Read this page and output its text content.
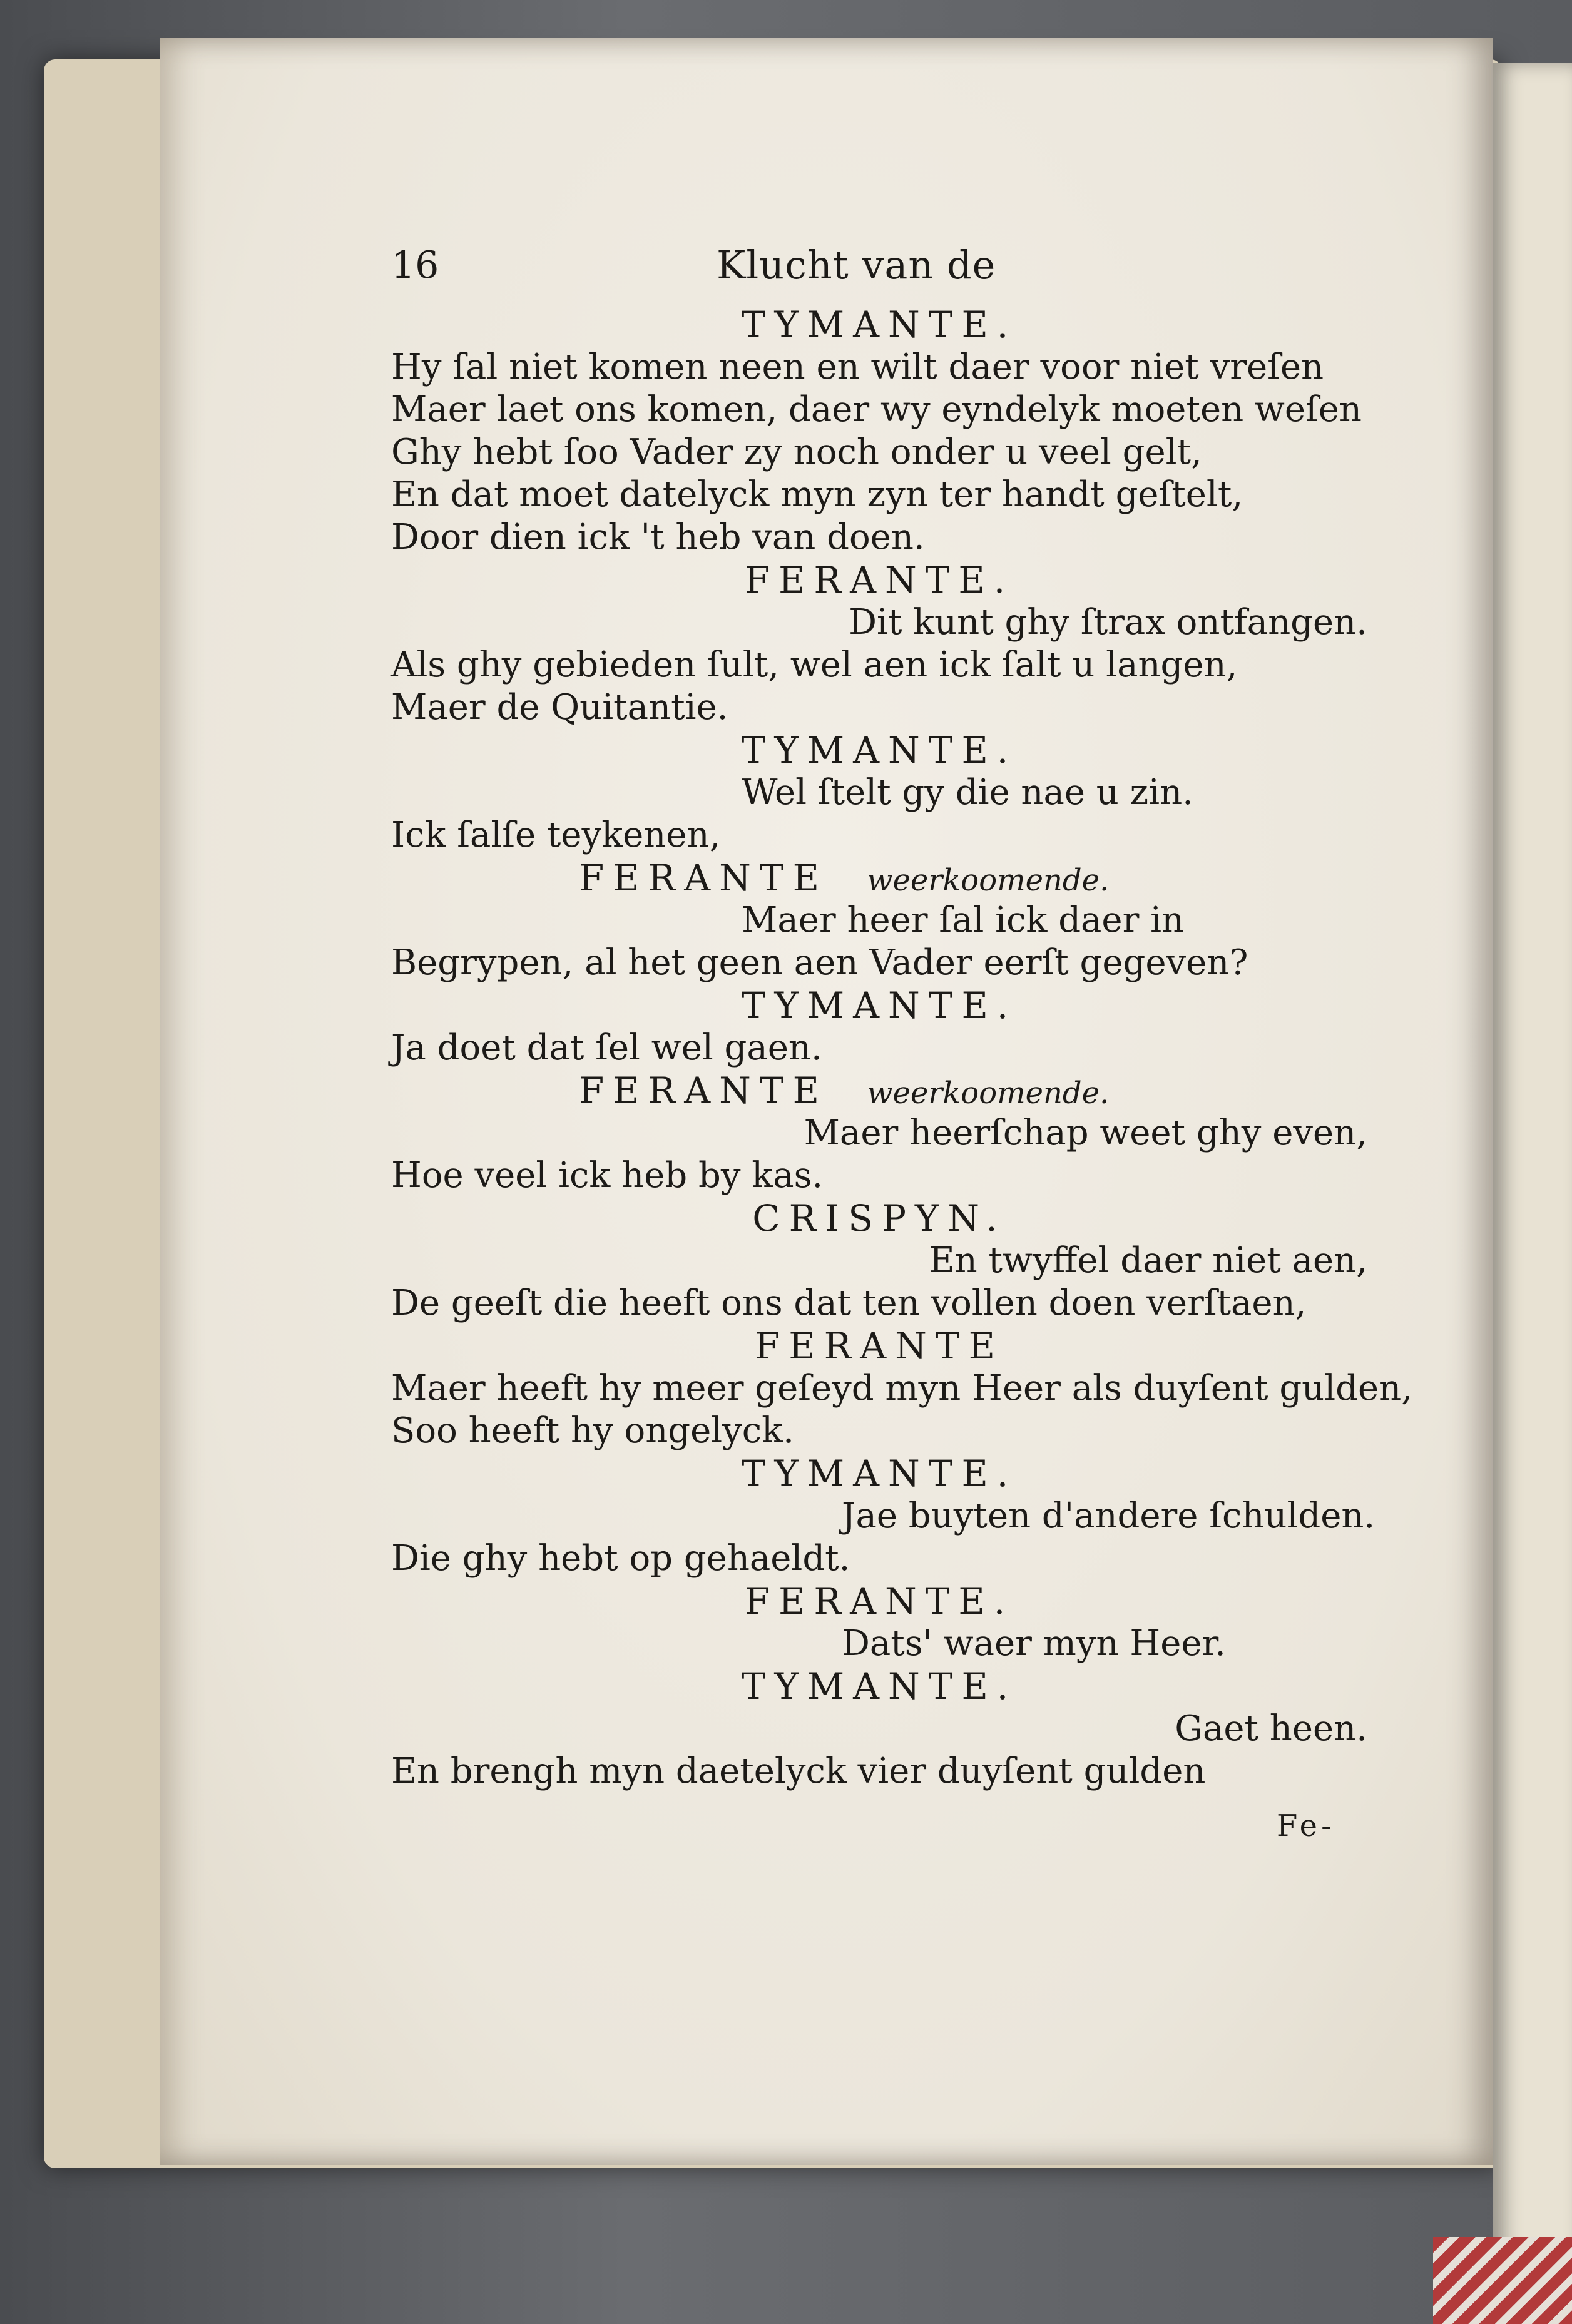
16	Klucht van de
TYMANTE.
Hy ſal niet komen neen en wilt daer voor niet vreſen
Maer laet ons komen, daer wy eyndelyk moeten weſen
Ghy hebt ſoo Vader zy noch onder u veel gelt,
En dat moet datelyck myn zyn ter handt geſtelt,
Door dien ick 't heb van doen.
FERANTE.
Dit kunt ghy ſtrax ontfangen.
Als ghy gebieden ſult, wel aen ick ſalt u langen,
Maer de Quitantie.
TYMANTE.
Wel ſtelt gy die nae u zin.
Ick ſalſe teykenen,
FERANTE weerkoomende.
Maer heer ſal ick daer in
Begrypen, al het geen aen Vader eerſt gegeven?
TYMANTE.
Ja doet dat ſel wel gaen.
FERANTE weerkoomende.
Maer heerſchap weet ghy even,
Hoe veel ick heb by kas.
CRISPYN.
En twyffel daer niet aen,
De geeſt die heeft ons dat ten vollen doen verſtaen,
FERANTE
Maer heeft hy meer geſeyd myn Heer als duyſent gulden,
Soo heeft hy ongelyck.
TYMANTE.
Jae buyten d'andere ſchulden.
Die ghy hebt op gehaeldt.
FERANTE.
Dats' waer myn Heer.
TYMANTE.
Gaet heen.
En brengh myn daetelyck vier duyſent gulden
Fe-
